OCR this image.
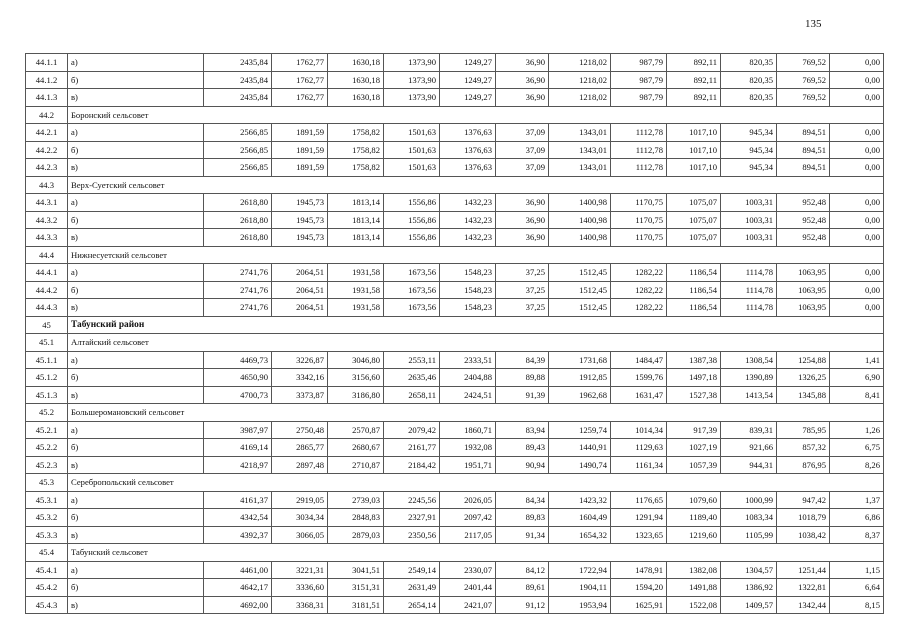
135
44.1.1	а)	2435,84	1762,77	1630,18	1373,90	1249,27	36,90	1218,02	987,79	892,11	820,35	769,52	0,00
44.1.2	б)	2435,84	1762,77	1630,18	1373,90	1249,27	36,90	1218,02	987,79	892,11	820,35	769,52	0,00
44.1.3	в)	2435,84	1762,77	1630,18	1373,90	1249,27	36,90	1218,02	987,79	892,11	820,35	769,52	0,00
44.2	Боронский сельсовет												
44.2.1	а)	2566,85	1891,59	1758,82	1501,63	1376,63	37,09	1343,01	1112,78	1017,10	945,34	894,51	0,00
44.2.2	б)	2566,85	1891,59	1758,82	1501,63	1376,63	37,09	1343,01	1112,78	1017,10	945,34	894,51	0,00
44.2.3	в)	2566,85	1891,59	1758,82	1501,63	1376,63	37,09	1343,01	1112,78	1017,10	945,34	894,51	0,00
44.3	Верх-Суетский сельсовет												
44.3.1	а)	2618,80	1945,73	1813,14	1556,86	1432,23	36,90	1400,98	1170,75	1075,07	1003,31	952,48	0,00
44.3.2	б)	2618,80	1945,73	1813,14	1556,86	1432,23	36,90	1400,98	1170,75	1075,07	1003,31	952,48	0,00
44.3.3	в)	2618,80	1945,73	1813,14	1556,86	1432,23	36,90	1400,98	1170,75	1075,07	1003,31	952,48	0,00
44.4	Нижнесуетский сельсовет												
44.4.1	а)	2741,76	2064,51	1931,58	1673,56	1548,23	37,25	1512,45	1282,22	1186,54	1114,78	1063,95	0,00
44.4.2	б)	2741,76	2064,51	1931,58	1673,56	1548,23	37,25	1512,45	1282,22	1186,54	1114,78	1063,95	0,00
44.4.3	в)	2741,76	2064,51	1931,58	1673,56	1548,23	37,25	1512,45	1282,22	1186,54	1114,78	1063,95	0,00
45	Табунский район												
45.1	Алтайский сельсовет												
45.1.1	а)	4469,73	3226,87	3046,80	2553,11	2333,51	84,39	1731,68	1484,47	1387,38	1308,54	1254,88	1,41
45.1.2	б)	4650,90	3342,16	3156,60	2635,46	2404,88	89,88	1912,85	1599,76	1497,18	1390,89	1326,25	6,90
45.1.3	в)	4700,73	3373,87	3186,80	2658,11	2424,51	91,39	1962,68	1631,47	1527,38	1413,54	1345,88	8,41
45.2	Большеромановский сельсовет												
45.2.1	а)	3987,97	2750,48	2570,87	2079,42	1860,71	83,94	1259,74	1014,34	917,39	839,31	785,95	1,26
45.2.2	б)	4169,14	2865,77	2680,67	2161,77	1932,08	89,43	1440,91	1129,63	1027,19	921,66	857,32	6,75
45.2.3	в)	4218,97	2897,48	2710,87	2184,42	1951,71	90,94	1490,74	1161,34	1057,39	944,31	876,95	8,26
45.3	Серебропольский сельсовет												
45.3.1	а)	4161,37	2919,05	2739,03	2245,56	2026,05	84,34	1423,32	1176,65	1079,60	1000,99	947,42	1,37
45.3.2	б)	4342,54	3034,34	2848,83	2327,91	2097,42	89,83	1604,49	1291,94	1189,40	1083,34	1018,79	6,86
45.3.3	в)	4392,37	3066,05	2879,03	2350,56	2117,05	91,34	1654,32	1323,65	1219,60	1105,99	1038,42	8,37
45.4	Табунский сельсовет												
45.4.1	а)	4461,00	3221,31	3041,51	2549,14	2330,07	84,12	1722,94	1478,91	1382,08	1304,57	1251,44	1,15
45.4.2	б)	4642,17	3336,60	3151,31	2631,49	2401,44	89,61	1904,11	1594,20	1491,88	1386,92	1322,81	6,64
45.4.3	в)	4692,00	3368,31	3181,51	2654,14	2421,07	91,12	1953,94	1625,91	1522,08	1409,57	1342,44	8,15
